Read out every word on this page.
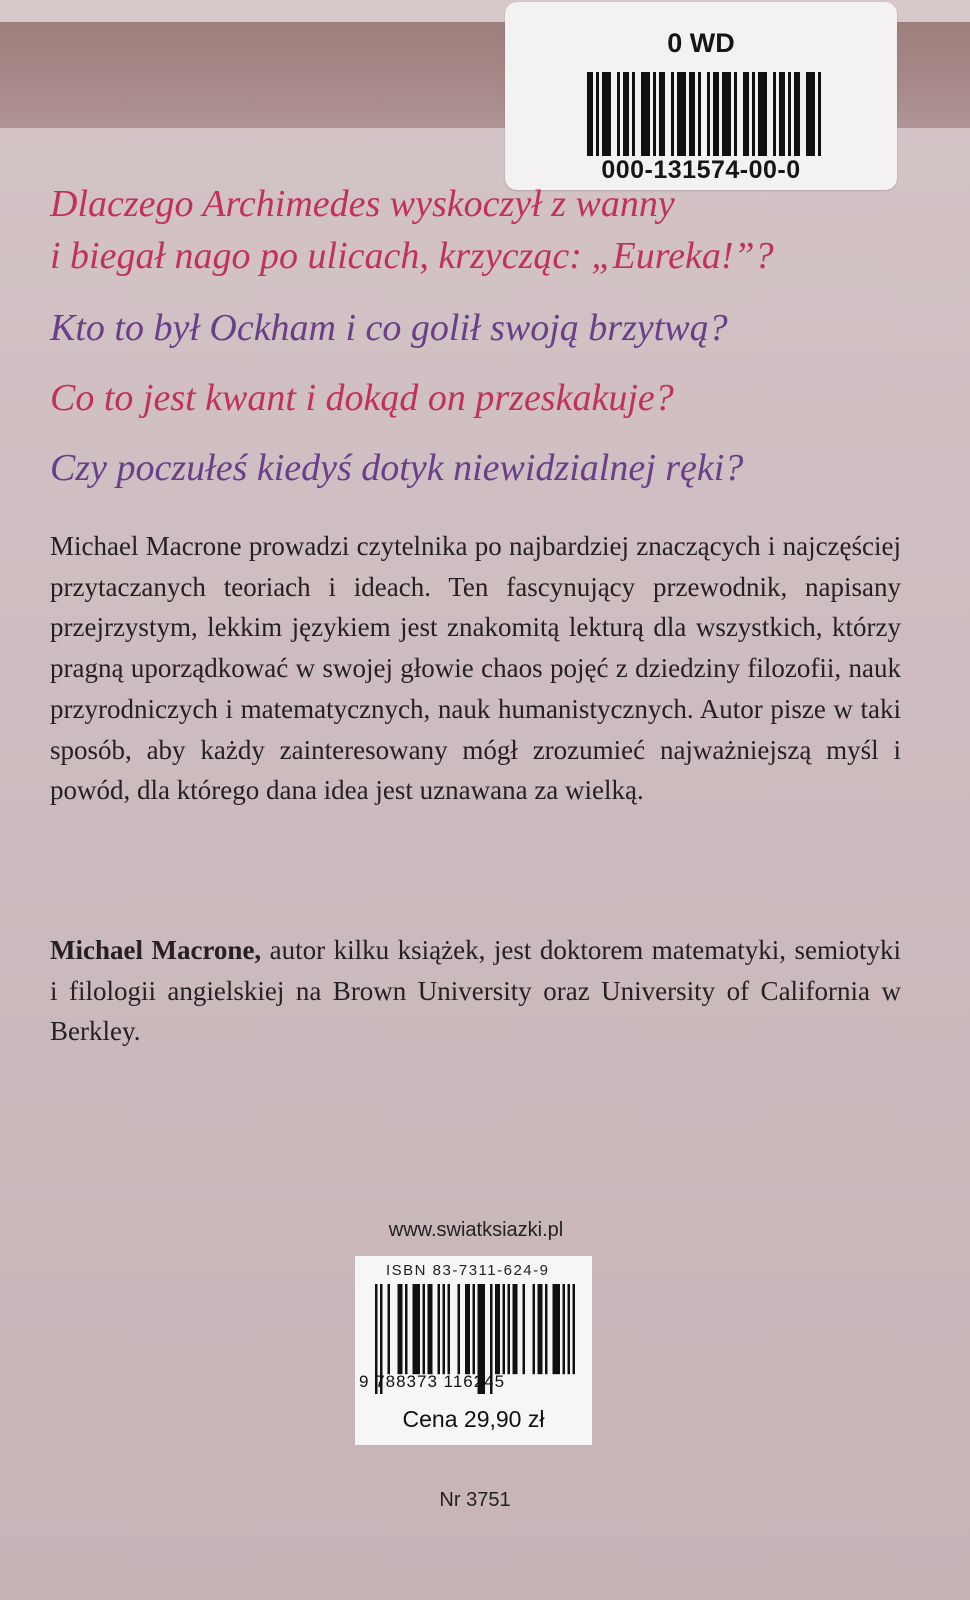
0 WD
000-131574-00-0
Dlaczego Archimedes wyskoczył z wanny
i biegał nago po ulicach, krzycząc: „Eureka!”?
Kto to był Ockham i co golił swoją brzytwą?
Co to jest kwant i dokąd on przeskakuje?
Czy poczułeś kiedyś dotyk niewidzialnej ręki?
Michael Macrone prowadzi czytelnika po najbardziej znaczących i najczęściej przytaczanych teoriach i ideach. Ten fascynujący przewodnik, napisany przejrzystym, lekkim językiem jest znakomitą lekturą dla wszystkich, którzy pragną uporządkować w swojej głowie chaos pojęć z dziedziny filozofii, nauk przyrodniczych i matematycznych, nauk humanistycznych. Autor pisze w taki sposób, aby każdy zainteresowany mógł zrozumieć najważniejszą myśl i powód, dla którego dana idea jest uznawana za wielką.
Michael Macrone, autor kilku książek, jest doktorem matematyki, semiotyki i filologii angielskiej na Brown University oraz University of California w Berkley.
www.swiatksiazki.pl
ISBN 83-7311-624-9
9 788373 116245
Cena 29,90 zł
Nr 3751
